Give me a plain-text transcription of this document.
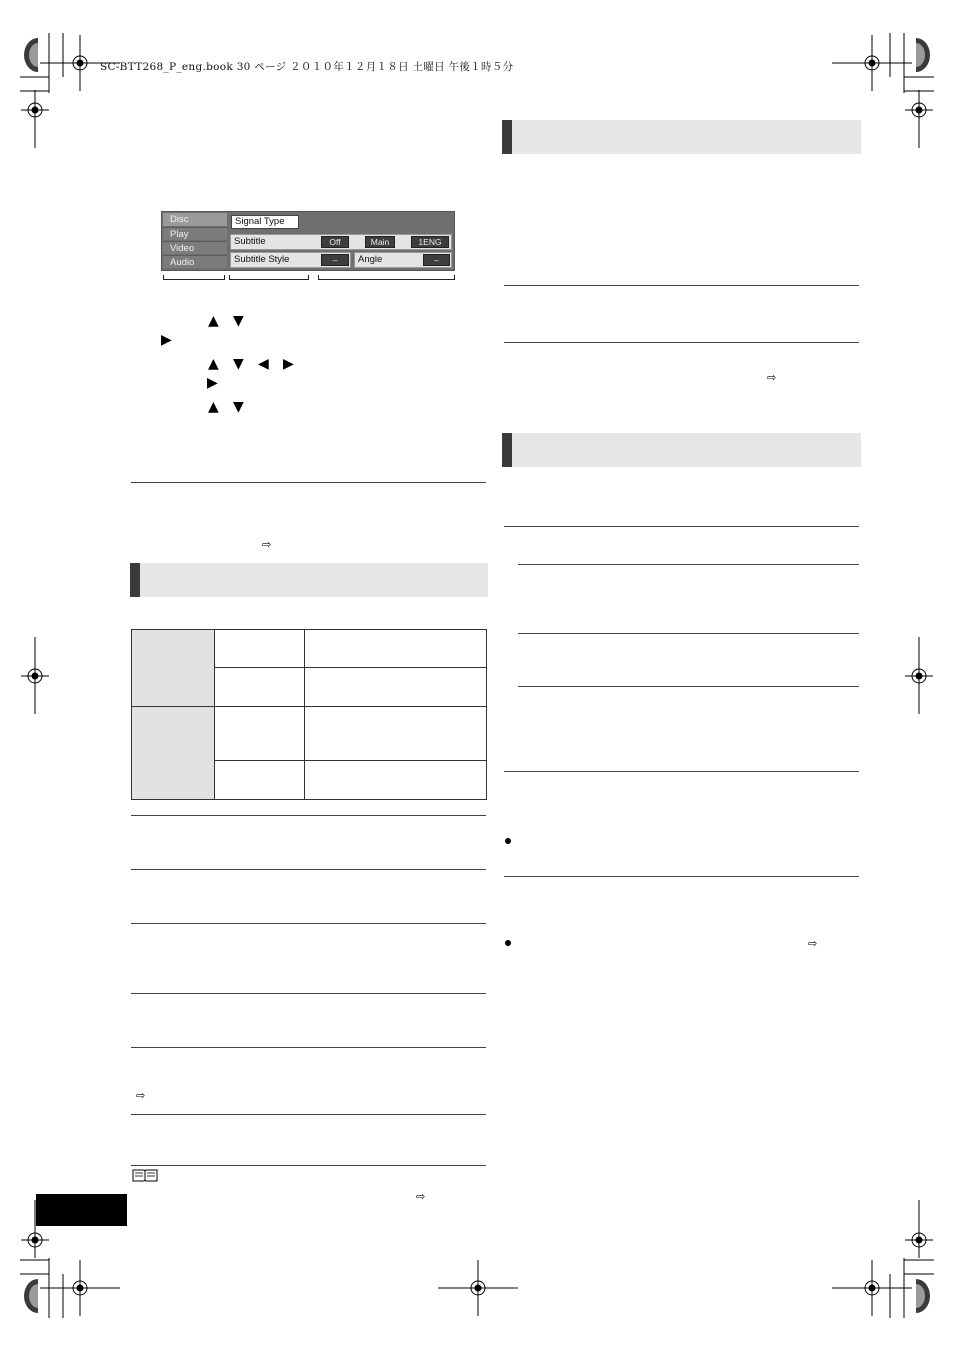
SC-BTT268_P_eng.book 30 ページ ２０１０年１２月１８日 土曜日 午後１時５分
Disc
Play
Video
Audio
Signal Type
Subtitle	Off	Main	1ENG
Subtitle Style	–	Angle	–
▲ ▼
▶
▲ ▼ ◀ ▶
▶
▲ ▼
⇨
⇨
⇨
⇨
⇨
